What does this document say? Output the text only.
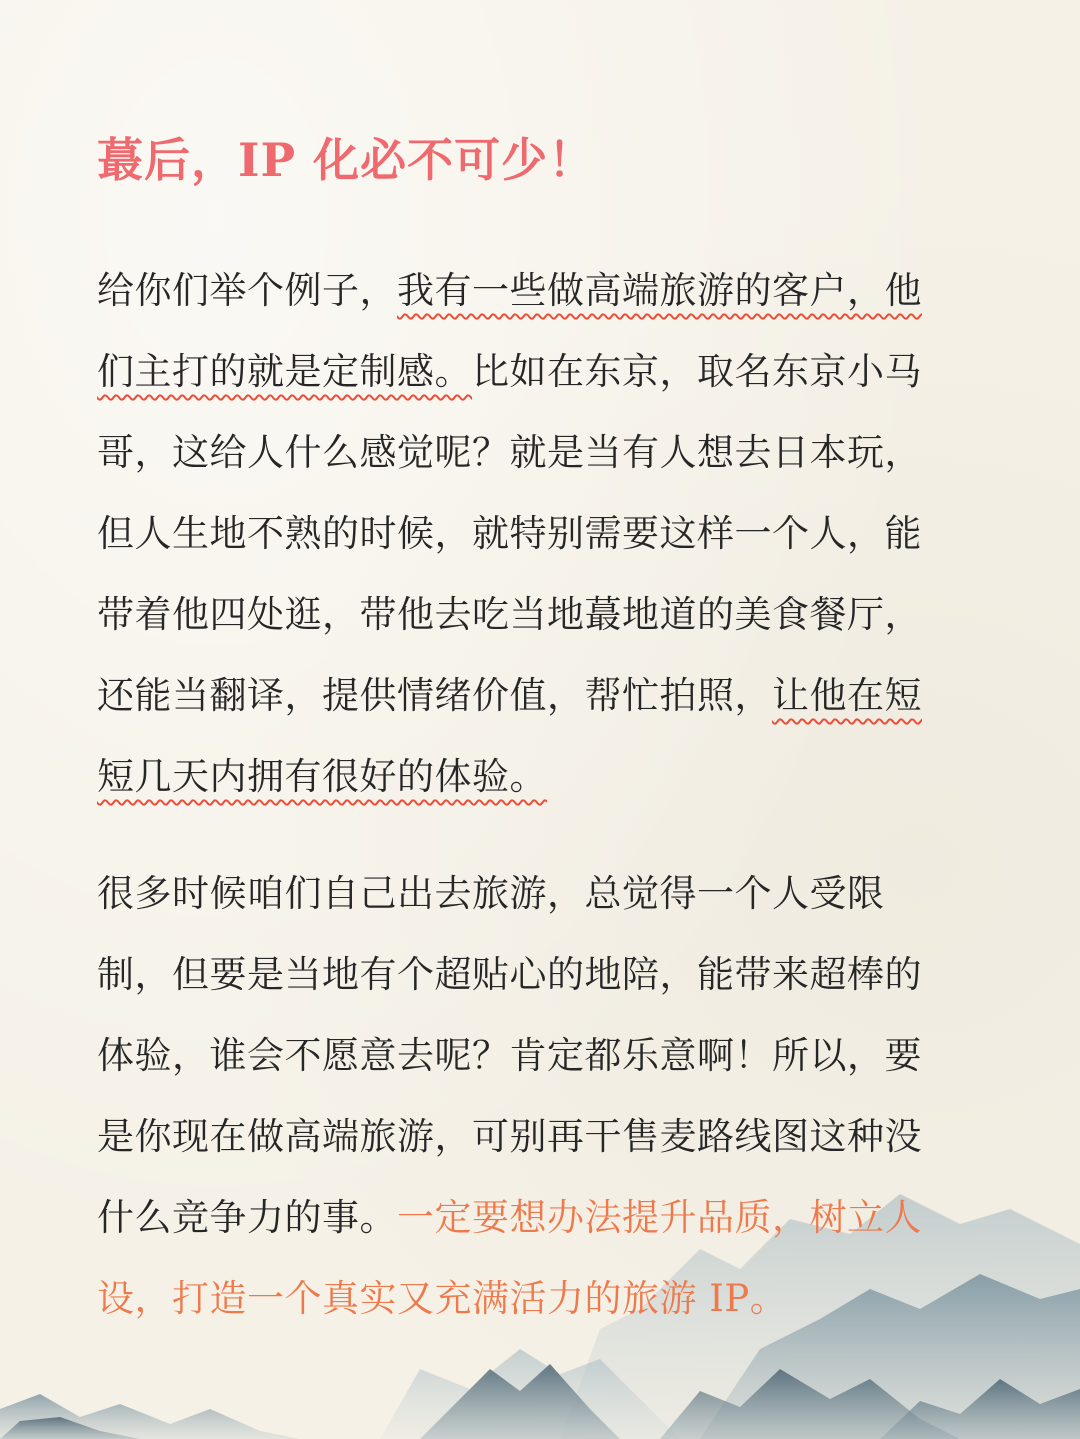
蕞后，IP 化必不可少！
给你们举个例子，我有一些做高端旅游的客户，他
们主打的就是定制感。比如在东京，取名东京小马
哥，这给人什么感觉呢？就是当有人想去日本玩，
但人生地不熟的时候，就特别需要这样一个人，能
带着他四处逛，带他去吃当地蕞地道的美食餐厅，
还能当翻译，提供情绪价值，帮忙拍照，让他在短
短几天内拥有很好的体验。
很多时候咱们自己出去旅游，总觉得一个人受限
制，但要是当地有个超贴心的地陪，能带来超棒的
体验，谁会不愿意去呢？肯定都乐意啊！所以，要
是你现在做高端旅游，可别再干售麦路线图这种没
什么竞争力的事。一定要想办法提升品质，树立人
设，打造一个真实又充满活力的旅游 IP。
